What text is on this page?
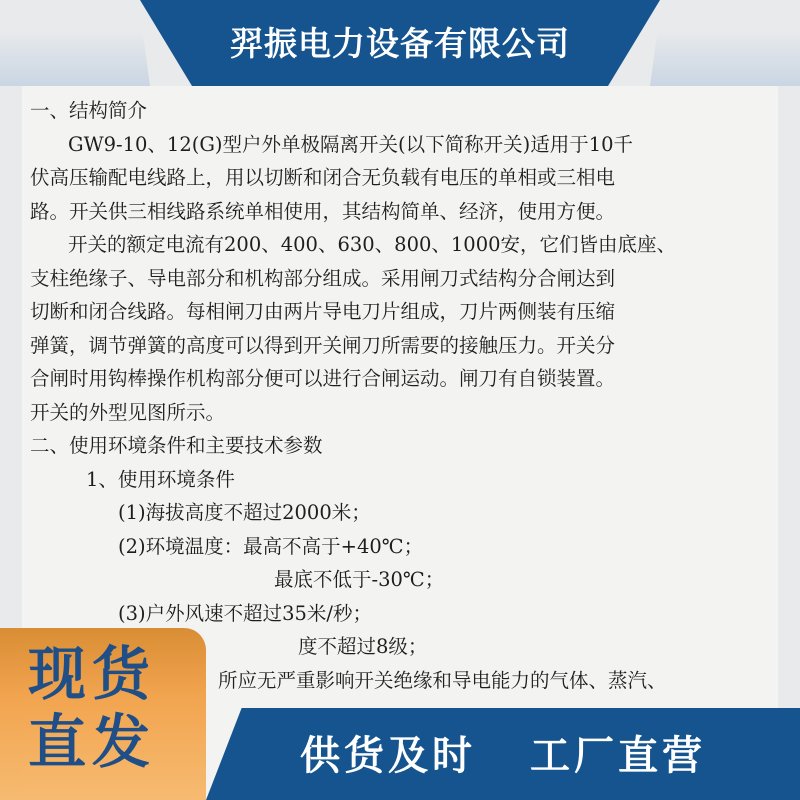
羿振电力设备有限公司
一、结构简介
GW9-10、12(G)型户外单极隔离开关(以下简称开关)适用于10千
伏高压输配电线路上，用以切断和闭合无负载有电压的单相或三相电
路。开关供三相线路系统单相使用，其结构简单、经济，使用方便。
开关的额定电流有200、400、630、800、1000安，它们皆由底座、
支柱绝缘子、导电部分和机构部分组成。采用闸刀式结构分合闸达到
切断和闭合线路。每相闸刀由两片导电刀片组成，刀片两侧装有压缩
弹簧，调节弹簧的高度可以得到开关闸刀所需要的接触压力。开关分
合闸时用钩棒操作机构部分便可以进行合闸运动。闸刀有自锁装置。
开关的外型见图所示。
二、使用环境条件和主要技术参数
1、使用环境条件
(1)海拔高度不超过2000米；
(2)环境温度：最高不高于+40℃；
最底不低于-30℃；
(3)户外风速不超过35米/秒；
度不超过8级；
所应无严重影响开关绝缘和导电能力的气体、蒸汽、
现货
直发	供货及时 工厂直营
